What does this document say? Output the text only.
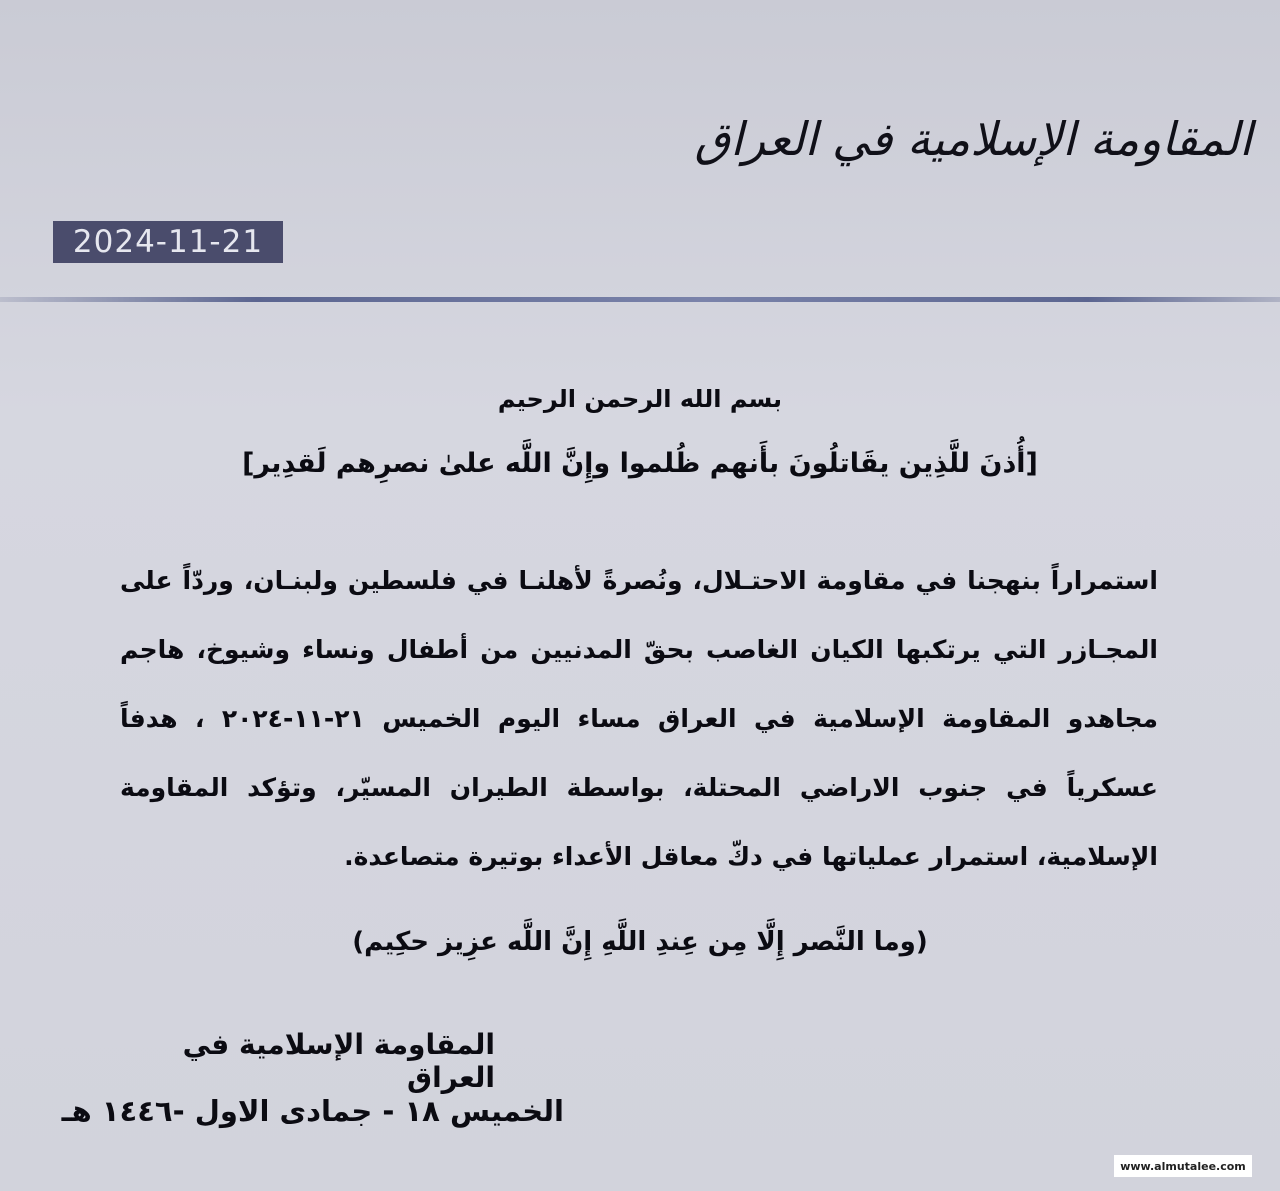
المقاومة الإسلامية في العراق
2024-11-21
بسم الله الرحمن الرحيم
[أُذنَ للَّذِين يقَاتلُونَ بأَنهم ظُلموا وإِنَّ اللَّه علىٰ نصرِهم لَقدِير]
استمراراً بنهجنا في مقاومة الاحتـلال، ونُصرةً لأهلنـا في فلسطين ولبنـان، وردّاً على المجـازر التي يرتكبها الكيان الغاصب بحقّ المدنيين من أطفال ونساء وشيوخ، هاجم مجاهدو المقاومة الإسلامية في العراق مساء اليوم الخميس ٢١-١١-٢٠٢٤ ، هدفاً عسكرياً في جنوب الاراضي المحتلة، بواسطة الطيران المسيّر، وتؤكد المقاومة الإسلامية، استمرار عملياتها في دكّ معاقل الأعداء بوتيرة متصاعدة.
(وما النَّصر إِلَّا مِن عِندِ اللَّهِ إِنَّ اللَّه عزِيز حكِيم)
المقاومة الإسلامية في العراق
الخميس ١٨ - جمادى الاول -١٤٤٦ هـ
www.almutalee.com
